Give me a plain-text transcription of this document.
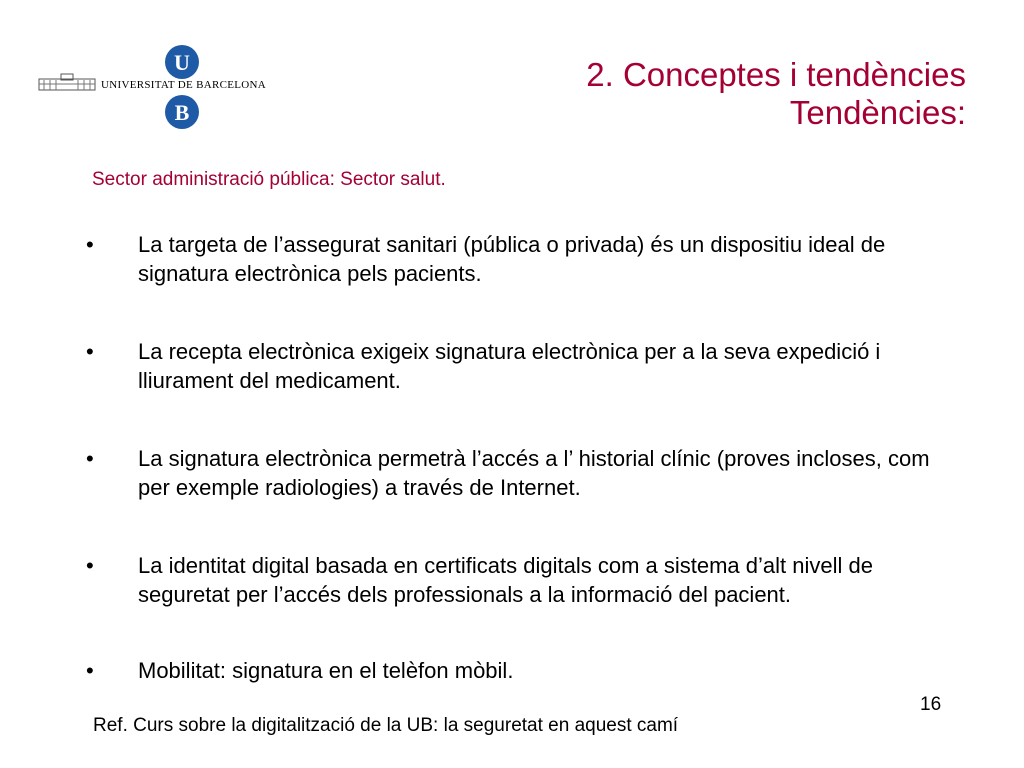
UNIVERSITAT DE BARCELONA
U
B
2. Conceptes i tendències
Tendències:
Sector administració pública: Sector salut.
•	La targeta de l’assegurat sanitari (pública o privada) és un dispositiu ideal de signatura electrònica pels pacients.
•	La recepta electrònica exigeix signatura electrònica per a la seva expedició i lliurament del medicament.
•	La signatura electrònica permetrà l’accés a l’ historial clínic (proves incloses, com per exemple radiologies) a través de Internet.
•	La identitat digital basada en certificats digitals com a sistema d’alt nivell de seguretat per l’accés dels professionals a la informació del pacient.
•	Mobilitat: signatura en el telèfon mòbil.
16
Ref. Curs sobre la digitalització de la UB: la seguretat en aquest camí
